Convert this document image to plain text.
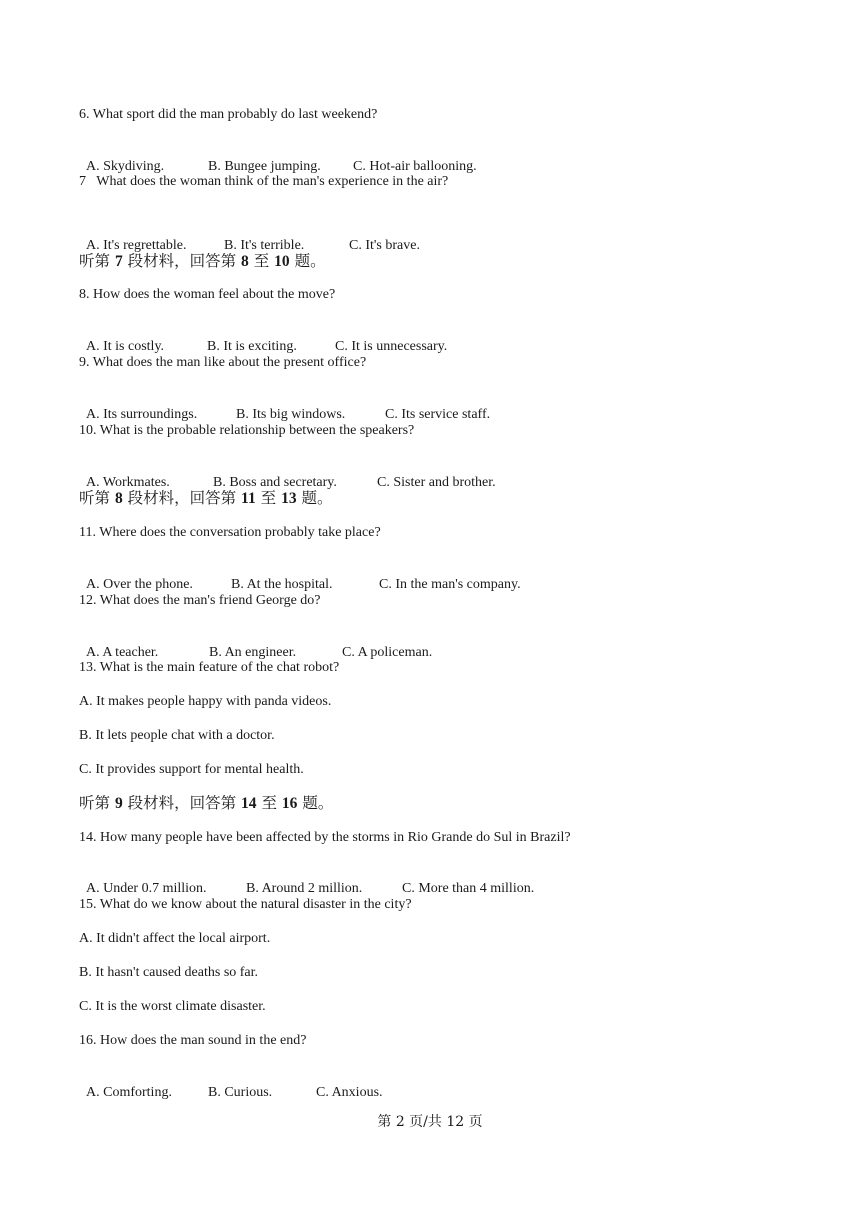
6. What sport did the man probably do last weekend?

A. Skydiving.	B. Bungee jumping. C. Hot-air ballooning.

7   What does the woman think of the man's experience in the air?

A. It's regrettable.	B. It's terrible.	C. It's brave.

听第 7 段材料，回答第 8 至 10 题。
8. How does the woman feel about the move?

A. It is costly.	B. It is exciting.	C. It is unnecessary.

9. What does the man like about the present office?

A. Its surroundings.	B. Its big windows.	C. Its service staff.

10. What is the probable relationship between the speakers?

A. Workmates.	B. Boss and secretary.	C. Sister and brother.

听第 8 段材料，回答第 11 至 13 题。
11. Where does the conversation probably take place?

A. Over the phone.	B. At the hospital.	C. In the man's company.

12. What does the man's friend George do?

A. A teacher.	B. An engineer.	C. A policeman.

13. What is the main feature of the chat robot?
A. It makes people happy with panda videos.
B. It lets people chat with a doctor.
C. It provides support for mental health.
听第 9 段材料，回答第 14 至 16 题。
14. How many people have been affected by the storms in Rio Grande do Sul in Brazil?

A. Under 0.7 million.	B. Around 2 million.	C. More than 4 million.

15. What do we know about the natural disaster in the city?
A. It didn't affect the local airport.
B. It hasn't caused deaths so far.
C. It is the worst climate disaster.
16. How does the man sound in the end?

A. Comforting.	B. Curious.	C. Anxious.

第 2 页/共 12 页
